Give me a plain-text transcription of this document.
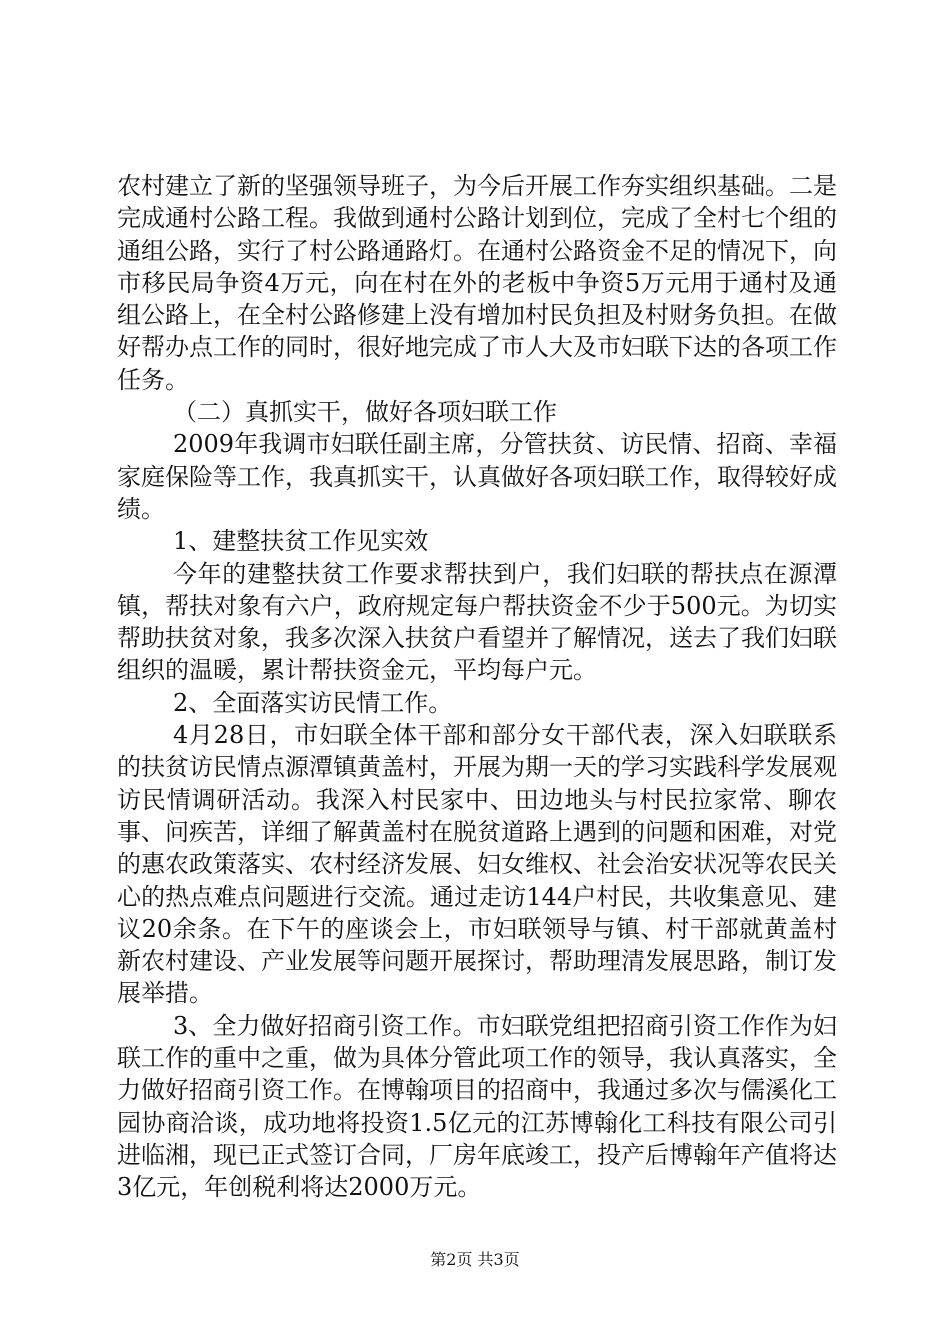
农村建立了新的坚强领导班子，为今后开展工作夯实组织基础。二是完成通村公路工程。我做到通村公路计划到位，完成了全村七个组的通组公路，实行了村公路通路灯。在通村公路资金不足的情况下，向市移民局争资4万元，向在村在外的老板中争资5万元用于通村及通组公路上，在全村公路修建上没有增加村民负担及村财务负担。在做好帮办点工作的同时，很好地完成了市人大及市妇联下达的各项工作任务。

（二）真抓实干，做好各项妇联工作

2009年我调市妇联任副主席，分管扶贫、访民情、招商、幸福家庭保险等工作，我真抓实干，认真做好各项妇联工作，取得较好成绩。

1、建整扶贫工作见实效

今年的建整扶贫工作要求帮扶到户，我们妇联的帮扶点在源潭镇，帮扶对象有六户，政府规定每户帮扶资金不少于500元。为切实帮助扶贫对象，我多次深入扶贫户看望并了解情况，送去了我们妇联组织的温暖，累计帮扶资金元，平均每户元。

2、全面落实访民情工作。

4月28日，市妇联全体干部和部分女干部代表，深入妇联联系的扶贫访民情点源潭镇黄盖村，开展为期一天的学习实践科学发展观访民情调研活动。我深入村民家中、田边地头与村民拉家常、聊农事、问疾苦，详细了解黄盖村在脱贫道路上遇到的问题和困难，对党的惠农政策落实、农村经济发展、妇女维权、社会治安状况等农民关心的热点难点问题进行交流。通过走访144户村民，共收集意见、建议20余条。在下午的座谈会上，市妇联领导与镇、村干部就黄盖村新农村建设、产业发展等问题开展探讨，帮助理清发展思路，制订发展举措。

3、全力做好招商引资工作。市妇联党组把招商引资工作作为妇联工作的重中之重，做为具体分管此项工作的领导，我认真落实，全力做好招商引资工作。在博翰项目的招商中，我通过多次与儒溪化工园协商洽谈，成功地将投资1.5亿元的江苏博翰化工科技有限公司引进临湘，现已正式签订合同，厂房年底竣工，投产后博翰年产值将达3亿元，年创税利将达2000万元。

第2页 共3页
